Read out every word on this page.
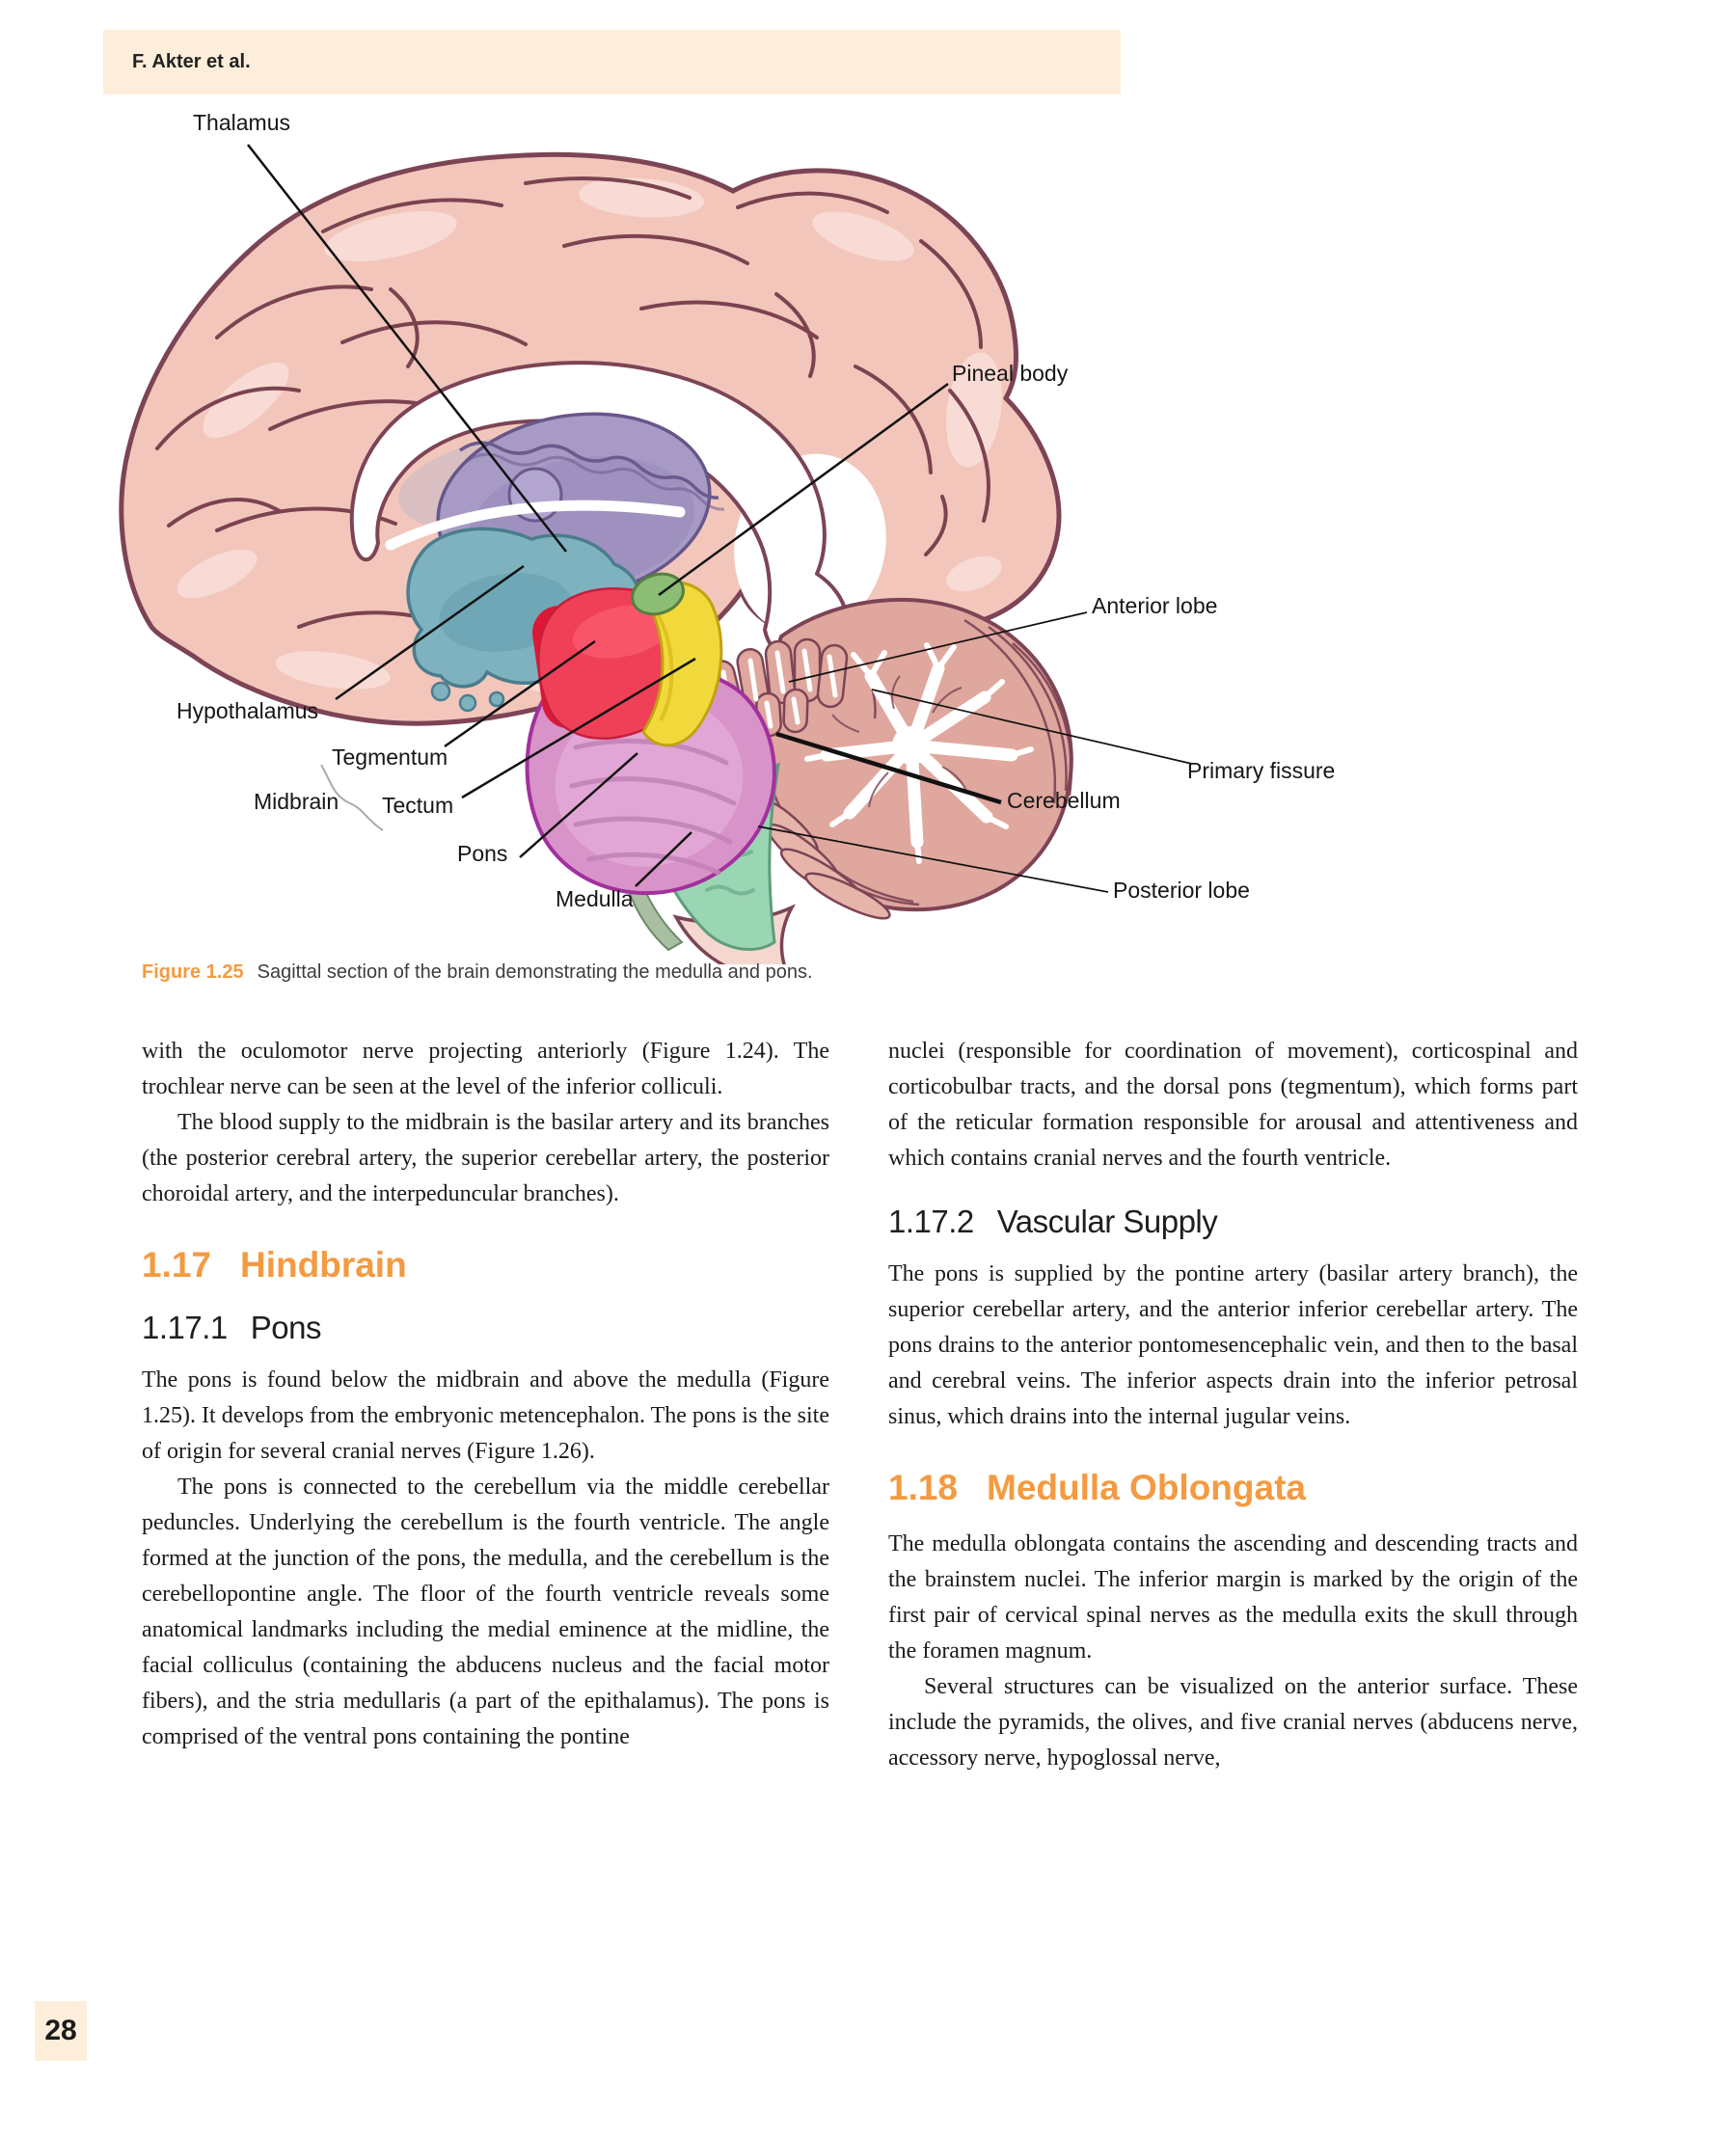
F. Akter et al.
Thalamus
Pineal body
Anterior lobe
Primary fissure
Cerebellum
Posterior lobe
Hypothalamus
Tegmentum
Midbrain Tectum
Pons
Medulla
Figure 1.25 Sagittal section of the brain demonstrating the medulla and pons.

with the oculomotor nerve projecting anteriorly (Figure 1.24). The trochlear nerve can be seen at the level of the inferior colliculi.

The blood supply to the midbrain is the basilar artery and its branches (the posterior cerebral artery, the superior cerebellar artery, the posterior choroidal artery, and the interpeduncular branches).

1.17 Hindbrain
1.17.1 Pons

The pons is found below the midbrain and above the medulla (Figure 1.25). It develops from the embryonic metencephalon. The pons is the site of origin for several cranial nerves (Figure 1.26).

The pons is connected to the cerebellum via the middle cerebellar peduncles. Underlying the cerebellum is the fourth ventricle. The angle formed at the junction of the pons, the medulla, and the cerebellum is the cerebellopontine angle. The floor of the fourth ventricle reveals some anatomical landmarks including the medial eminence at the midline, the facial colliculus (containing the abducens nucleus and the facial motor fibers), and the stria medullaris (a part of the epithalamus). The pons is comprised of the ventral pons containing the pontine

nuclei (responsible for coordination of movement), corticospinal and corticobulbar tracts, and the dorsal pons (tegmentum), which forms part of the reticular formation responsible for arousal and attentiveness and which contains cranial nerves and the fourth ventricle.

1.17.2 Vascular Supply

The pons is supplied by the pontine artery (basilar artery branch), the superior cerebellar artery, and the anterior inferior cerebellar artery. The pons drains to the anterior pontomesencephalic vein, and then to the basal and cerebral veins. The inferior aspects drain into the inferior petrosal sinus, which drains into the internal jugular veins.

1.18 Medulla Oblongata

The medulla oblongata contains the ascending and descending tracts and the brainstem nuclei. The inferior margin is marked by the origin of the first pair of cervical spinal nerves as the medulla exits the skull through the foramen magnum.

Several structures can be visualized on the anterior surface. These include the pyramids, the olives, and five cranial nerves (abducens nerve, accessory nerve, hypoglossal nerve,

28
